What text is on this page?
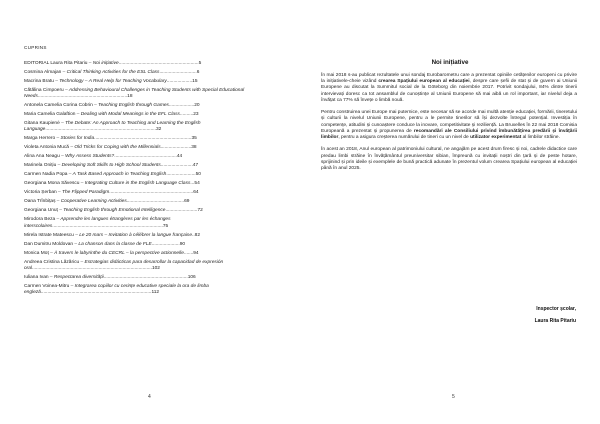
CUPRINS
EDITORIAL Laura Rita Pitariu – Noi inițiative............................................................5
Cosmina Almajan – Critical Thinking Activities for the ESL Class............................6
Macrina Bratu – Technology – A Real Help for Teaching Vocabulary...................15
Cătălina Cimpoeru – Addressing Behavioural Challenges in Teaching Students with Special Educational Needs...................................................................18
Antonela Camelia Corina Cobrin – Teaching English through Games...................20
Maria Camelia Galaftion – Dealing with Modal Meanings in the EFL Class..........23
Gitana Kaupienė – The Debate: An Approach to Teaching and Learning the English Language...................................................................................32
Marga Herrero – Stories for India.........................................................................35
Violeta Antonia Mucă – Old Tricks for Coping with the Millennials.......................38
Alina Ana Neagu – Why Assess Students?...............................................44
Marinela Onițiu – Developing Soft Skills to High School Students........................47
Carmen Nadia Popa – A Task Based Approach in Teaching English......................50
Georgiana Mona Săvescu – Integrating Culture in the English Language Class...54
Victoria Șerban – The Flipped Paradigm...............................................................64
Oana Trînbițaș – Cooperative Learning Activities...........................................69
Georgiana Unuț – Teaching English through Emotional Intelligence........................72
Mirodora Beza – Apprendre les langues étrangères par les échanges interscolaires...................................................................................75
Mirela Istrate Mateescu – Le 20 mars – Invitation à célébrer la langue française..82
Dan Dumitru Moldovan – La chanson dans la classe de FLE.....................90
Monica Moț – À travers le labyrinthe du CECRL – la perspective actionnelle.......94
Andreea Cristina Lăzăricu – Estrategias didácticas para desarrollar la capacidad de expresión oral..........................................................................................102
Iuliana Ivan – Respectarea diversității...............................................................106
Carmen Voinea-Mitru – Integrarea copiilor cu cerințe educative speciale la ora de limba engleză...................................................................................112
4
Noi inițiative
În mai 2018 s-au publicat rezultatele unui sondaj Eurobarometru care a prezentat opiniile cetățenilor europeni cu privire la inițiativele-cheie vizând crearea Spațiului european al educației, despre care șefii de stat și de guvern ai Uniunii Europene au discutat la Summitul social de la Göteborg din noiembrie 2017. Potrivit sondajului, 84% dintre tinerii intervievați doresc ca tot ansamblul de cunoștințe al Uniunii Europene să mai aibă un rol important, iar nivelul deja a învățat ca 77% să învețe o limbă nouă.
Pentru construirea unei Europe mai puternice, este necesar să se acorde mai multă atenție educației, formării, tineretului și culturii la nivelul Uniunii Europene, pentru a le permite tinerilor să își dezvolte întregul potențial. Investiția în competențe, atitudini și cunoaștere conduce la inovare, competitivitate și reziliență. La Bruxelles în 22 mai 2018 Comisia Europeană a prezentat și propunerea de recomandări ale Consiliului privind îmbunătățirea predării și învățării limbilor, pentru a asigura creșterea numărului de tineri cu un nivel de utilizator experimentat al limbilor străine.
În acest an 2018, Anul european al patrimoniului cultural, ne angajăm pe acest drum firesc și noi, cadrele didactice care predau limbi străine în învățământul preuniversitar sibian, împreună cu invitații noștri din țară și de peste hotare, sprijinind și prin ideile și exemplele de bună practică adunate în prezentul volum crearea Spațiului european al educației până în anul 2025.
Inspector școlar,
Laura Rita Pitariu
5
